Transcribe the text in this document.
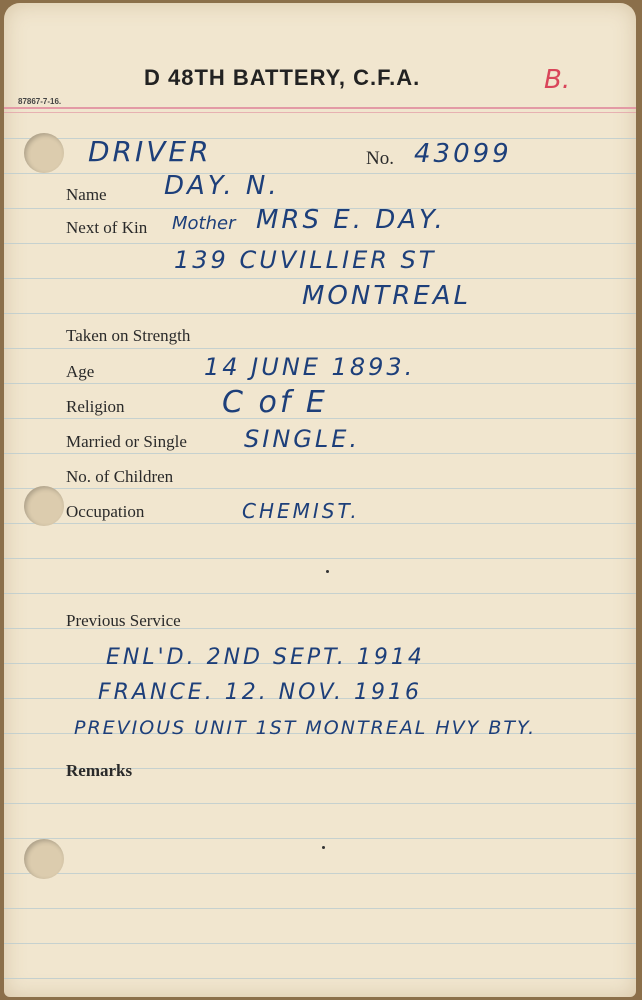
D 48TH BATTERY, C.F.A.	B.
87867-7-16.
DRIVER	No. 43099
Name DAY. N.
Next of Kin Mother MRS E. DAY.
139 CUVILLIER ST
MONTREAL
Taken on Strength
Age	14 JUNE 1893.
Religion	C of E
Married or Single SINGLE.
No. of Children
Occupation	CHEMIST.
Previous Service
ENL'D. 2ND SEPT. 1914
FRANCE. 12. NOV. 1916
PREVIOUS UNIT 1ST MONTREAL HVY BTY.
Remarks
